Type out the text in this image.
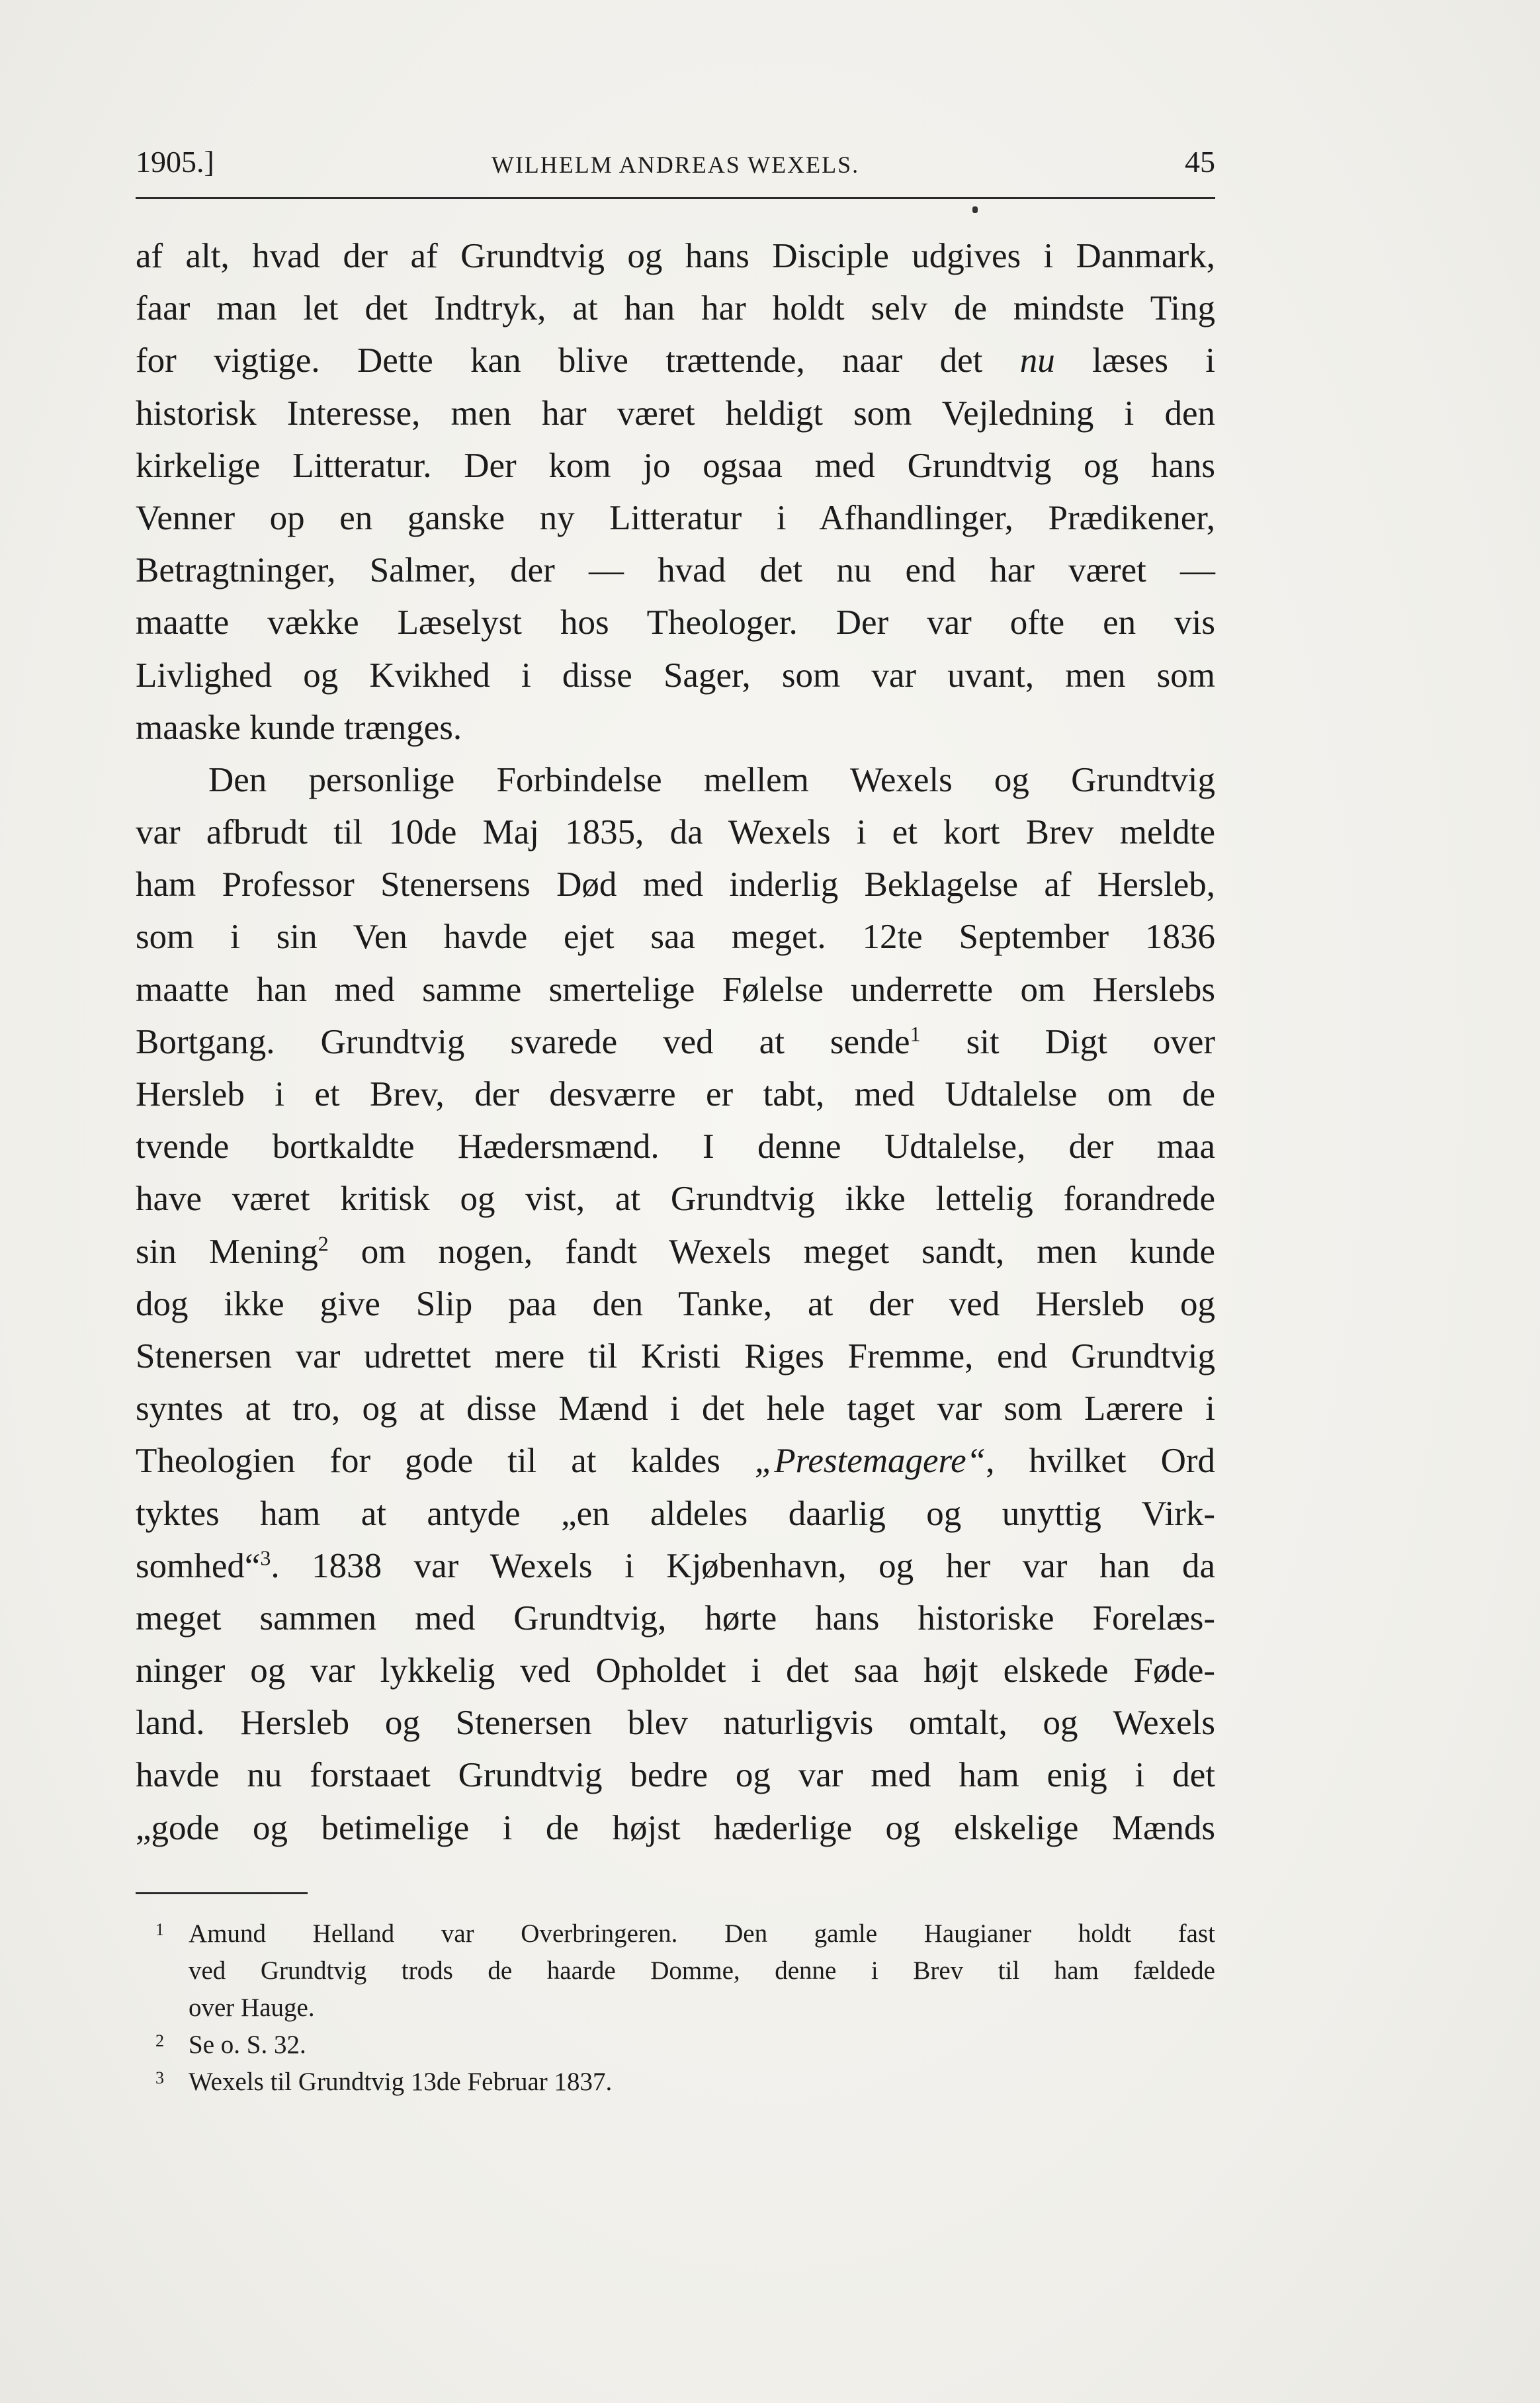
1905.]	WILHELM ANDREAS WEXELS.	45
af alt, hvad der af Grundtvig og hans Disciple udgives i Danmark,
faar man let det Indtryk, at han har holdt selv de mindste Ting
for vigtige. Dette kan blive trættende, naar det nu læses i
historisk Interesse, men har været heldigt som Vejledning i den
kirkelige Litteratur. Der kom jo ogsaa med Grundtvig og hans
Venner op en ganske ny Litteratur i Afhandlinger, Prædikener,
Betragtninger, Salmer, der — hvad det nu end har været —
maatte vække Læselyst hos Theologer. Der var ofte en vis
Livlighed og Kvikhed i disse Sager, som var uvant, men som
maaske kunde trænges.
Den personlige Forbindelse mellem Wexels og Grundtvig
var afbrudt til 10de Maj 1835, da Wexels i et kort Brev meldte
ham Professor Stenersens Død med inderlig Beklagelse af Hersleb,
som i sin Ven havde ejet saa meget. 12te September 1836
maatte han med samme smertelige Følelse underrette om Herslebs
Bortgang. Grundtvig svarede ved at sende$^1$ sit Digt over
Hersleb i et Brev, der desværre er tabt, med Udtalelse om de
tvende bortkaldte Hædersmænd. I denne Udtalelse, der maa
have været kritisk og vist, at Grundtvig ikke lettelig forandrede
sin Mening$^2$ om nogen, fandt Wexels meget sandt, men kunde
dog ikke give Slip paa den Tanke, at der ved Hersleb og
Stenersen var udrettet mere til Kristi Riges Fremme, end Grundtvig
syntes at tro, og at disse Mænd i det hele taget var som Lærere i
Theologien for gode til at kaldes „Prestemagere“, hvilket Ord
tyktes ham at antyde „en aldeles daarlig og unyttig Virk-
somhed“$^3$. 1838 var Wexels i Kjøbenhavn, og her var han da
meget sammen med Grundtvig, hørte hans historiske Forelæs-
ninger og var lykkelig ved Opholdet i det saa højt elskede Føde-
land. Hersleb og Stenersen blev naturligvis omtalt, og Wexels
havde nu forstaaet Grundtvig bedre og var med ham enig i det
„gode og betimelige i de højst hæderlige og elskelige Mænds
1 Amund Helland var Overbringeren. Den gamle Haugianer holdt fast
ved Grundtvig trods de haarde Domme, denne i Brev til ham fældede
over Hauge.
2 Se o. S. 32.
3 Wexels til Grundtvig 13de Februar 1837.
